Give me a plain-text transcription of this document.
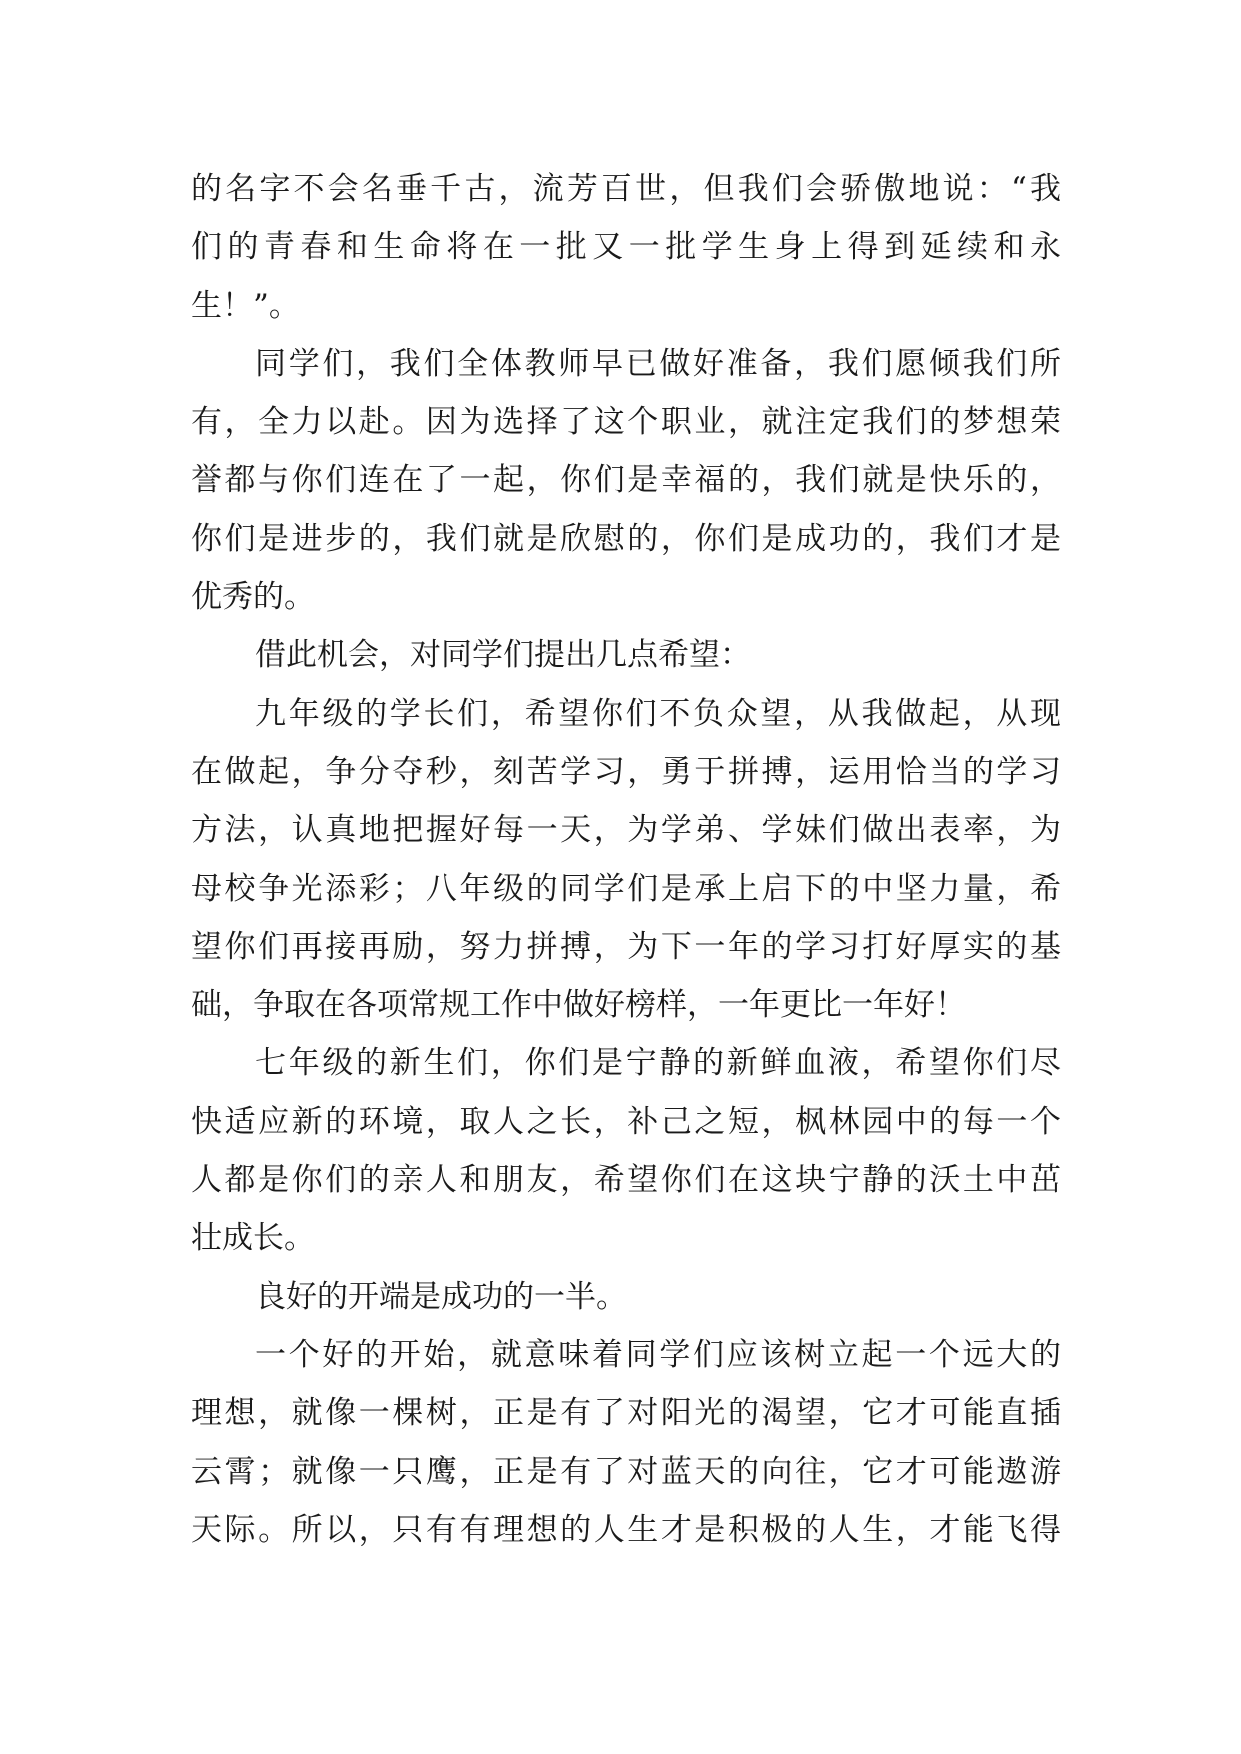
的名字不会名垂千古，流芳百世，但我们会骄傲地说：“我
们的青春和生命将在一批又一批学生身上得到延续和永
生！”。
同学们，我们全体教师早已做好准备，我们愿倾我们所
有，全力以赴。因为选择了这个职业，就注定我们的梦想荣
誉都与你们连在了一起，你们是幸福的，我们就是快乐的，
你们是进步的，我们就是欣慰的，你们是成功的，我们才是
优秀的。
借此机会，对同学们提出几点希望：
九年级的学长们，希望你们不负众望，从我做起，从现
在做起，争分夺秒，刻苦学习，勇于拼搏，运用恰当的学习
方法，认真地把握好每一天，为学弟、学妹们做出表率，为
母校争光添彩；八年级的同学们是承上启下的中坚力量，希
望你们再接再励，努力拼搏，为下一年的学习打好厚实的基
础，争取在各项常规工作中做好榜样，一年更比一年好！
七年级的新生们，你们是宁静的新鲜血液，希望你们尽
快适应新的环境，取人之长，补己之短，枫林园中的每一个
人都是你们的亲人和朋友，希望你们在这块宁静的沃土中茁
壮成长。
良好的开端是成功的一半。
一个好的开始，就意味着同学们应该树立起一个远大的
理想，就像一棵树，正是有了对阳光的渴望，它才可能直插
云霄；就像一只鹰，正是有了对蓝天的向往，它才可能遨游
天际。所以，只有有理想的人生才是积极的人生，才能飞得
